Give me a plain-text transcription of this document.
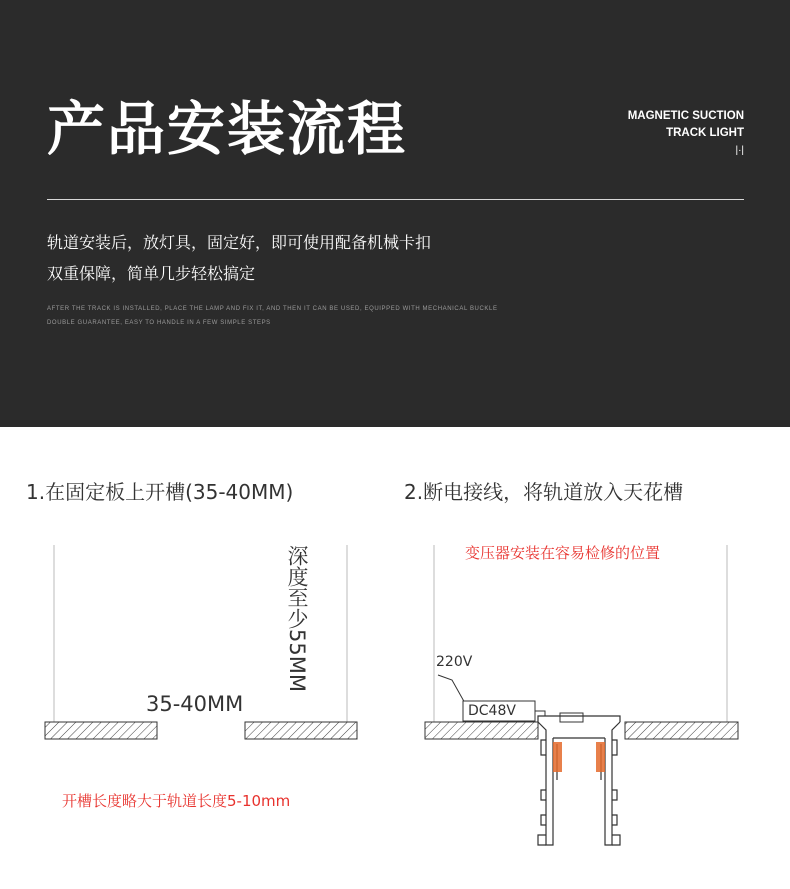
产品安装流程	MAGNETIC SUCTION
TRACK LIGHT
|·|
轨道安装后，放灯具，固定好，即可使用配备机械卡扣
双重保障，简单几步轻松搞定
AFTER THE TRACK IS INSTALLED, PLACE THE LAMP AND FIX IT, AND THEN IT CAN BE USED, EQUIPPED WITH MECHANICAL BUCKLE
DOUBLE GUARANTEE, EASY TO HANDLE IN A FEW SIMPLE STEPS
1.在固定板上开槽(35-40MM)	2.断电接线，将轨道放入天花槽
35-40MM
深度至少55MM
开槽长度略大于轨道长度5-10mm
变压器安装在容易检修的位置
220V
DC48V
